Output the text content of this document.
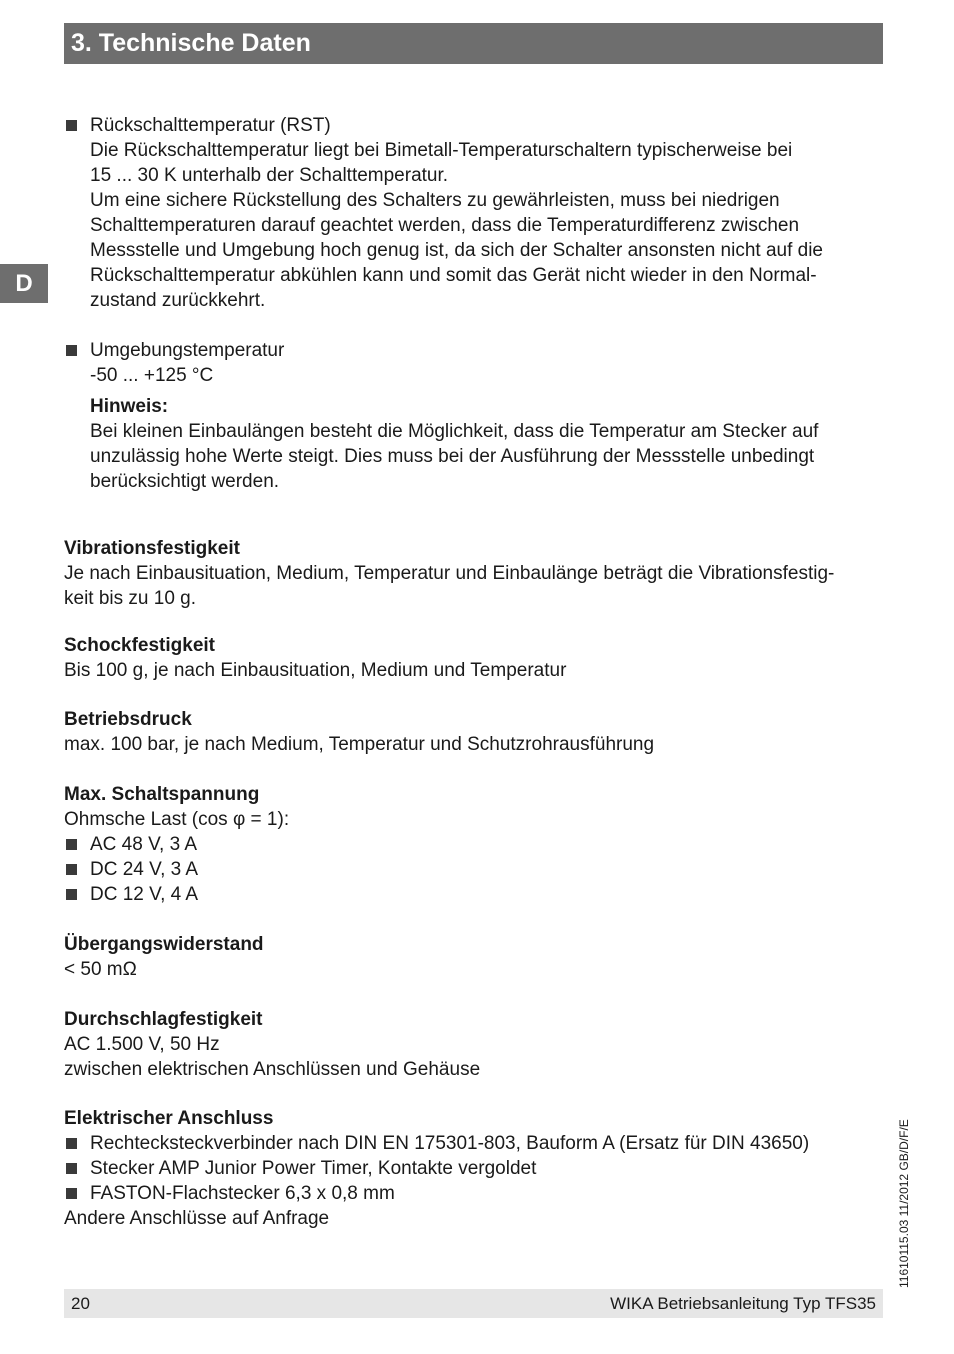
3. Technische Daten
D
Rückschalttemperatur (RST)
Die Rückschalttemperatur liegt bei Bimetall-Temperaturschaltern typischerweise bei
15 ... 30 K unterhalb der Schalttemperatur.
Um eine sichere Rückstellung des Schalters zu gewährleisten, muss bei niedrigen
Schalttemperaturen darauf geachtet werden, dass die Temperaturdifferenz zwischen
Messstelle und Umgebung hoch genug ist, da sich der Schalter ansonsten nicht auf die
Rückschalttemperatur abkühlen kann und somit das Gerät nicht wieder in den Normal-
zustand zurückkehrt.
Umgebungstemperatur
-50 ... +125 °C
Hinweis:
Bei kleinen Einbaulängen besteht die Möglichkeit, dass die Temperatur am Stecker auf
unzulässig hohe Werte steigt. Dies muss bei der Ausführung der Messstelle unbedingt
berücksichtigt werden.
Vibrationsfestigkeit
Je nach Einbausituation, Medium, Temperatur und Einbaulänge beträgt die Vibrationsfestig-
keit bis zu 10 g.
Schockfestigkeit
Bis 100 g, je nach Einbausituation, Medium und Temperatur
Betriebsdruck
max. 100 bar, je nach Medium, Temperatur und Schutzrohrausführung
Max. Schaltspannung
Ohmsche Last (cos φ = 1):
AC 48 V, 3 A
DC 24 V, 3 A
DC 12 V, 4 A
Übergangswiderstand
< 50 mΩ
Durchschlagfestigkeit
AC 1.500 V, 50 Hz
zwischen elektrischen Anschlüssen und Gehäuse
Elektrischer Anschluss
Rechtecksteckverbinder nach DIN EN 175301-803, Bauform A (Ersatz für DIN 43650)
Stecker AMP Junior Power Timer, Kontakte vergoldet
FASTON-Flachstecker 6,3 x 0,8 mm
Andere Anschlüsse auf Anfrage	11610115.03 11/2012 GB/D/F/E
20	WIKA Betriebsanleitung Typ TFS35
